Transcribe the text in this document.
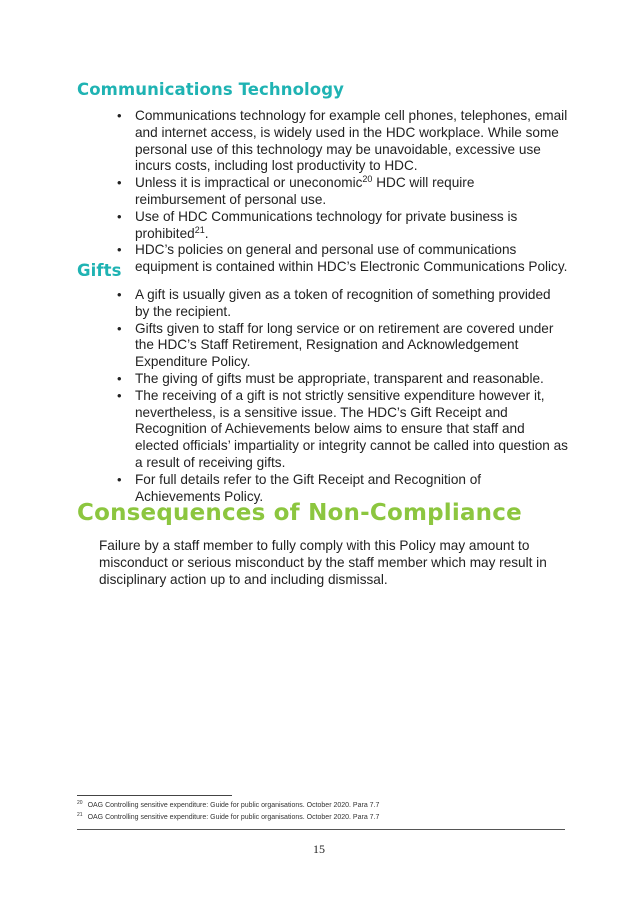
Communications Technology
• Communications technology for example cell phones, telephones, email and internet access, is widely used in the HDC workplace. While some personal use of this technology may be unavoidable, excessive use incurs costs, including lost productivity to HDC.
• Unless it is impractical or uneconomic$^{20}$ HDC will require reimbursement of personal use.
• Use of HDC Communications technology for private business is prohibited$^{21}$.
• HDC’s policies on general and personal use of communications equipment is contained within HDC’s Electronic Communications Policy.
Gifts
• A gift is usually given as a token of recognition of something provided by the recipient.
• Gifts given to staff for long service or on retirement are covered under the HDC’s Staff Retirement, Resignation and Acknowledgement Expenditure Policy.
• The giving of gifts must be appropriate, transparent and reasonable.
• The receiving of a gift is not strictly sensitive expenditure however it, nevertheless, is a sensitive issue. The HDC’s Gift Receipt and Recognition of Achievements below aims to ensure that staff and elected officials’ impartiality or integrity cannot be called into question as a result of receiving gifts.
• For full details refer to the Gift Receipt and Recognition of Achievements Policy.
Consequences of Non-Compliance

Failure by a staff member to fully comply with this Policy may amount to misconduct or serious misconduct by the staff member which may result in disciplinary action up to and including dismissal.

$^{20}$ OAG Controlling sensitive expenditure: Guide for public organisations. October 2020. Para 7.7
$^{21}$ OAG Controlling sensitive expenditure: Guide for public organisations. October 2020. Para 7.7
15
